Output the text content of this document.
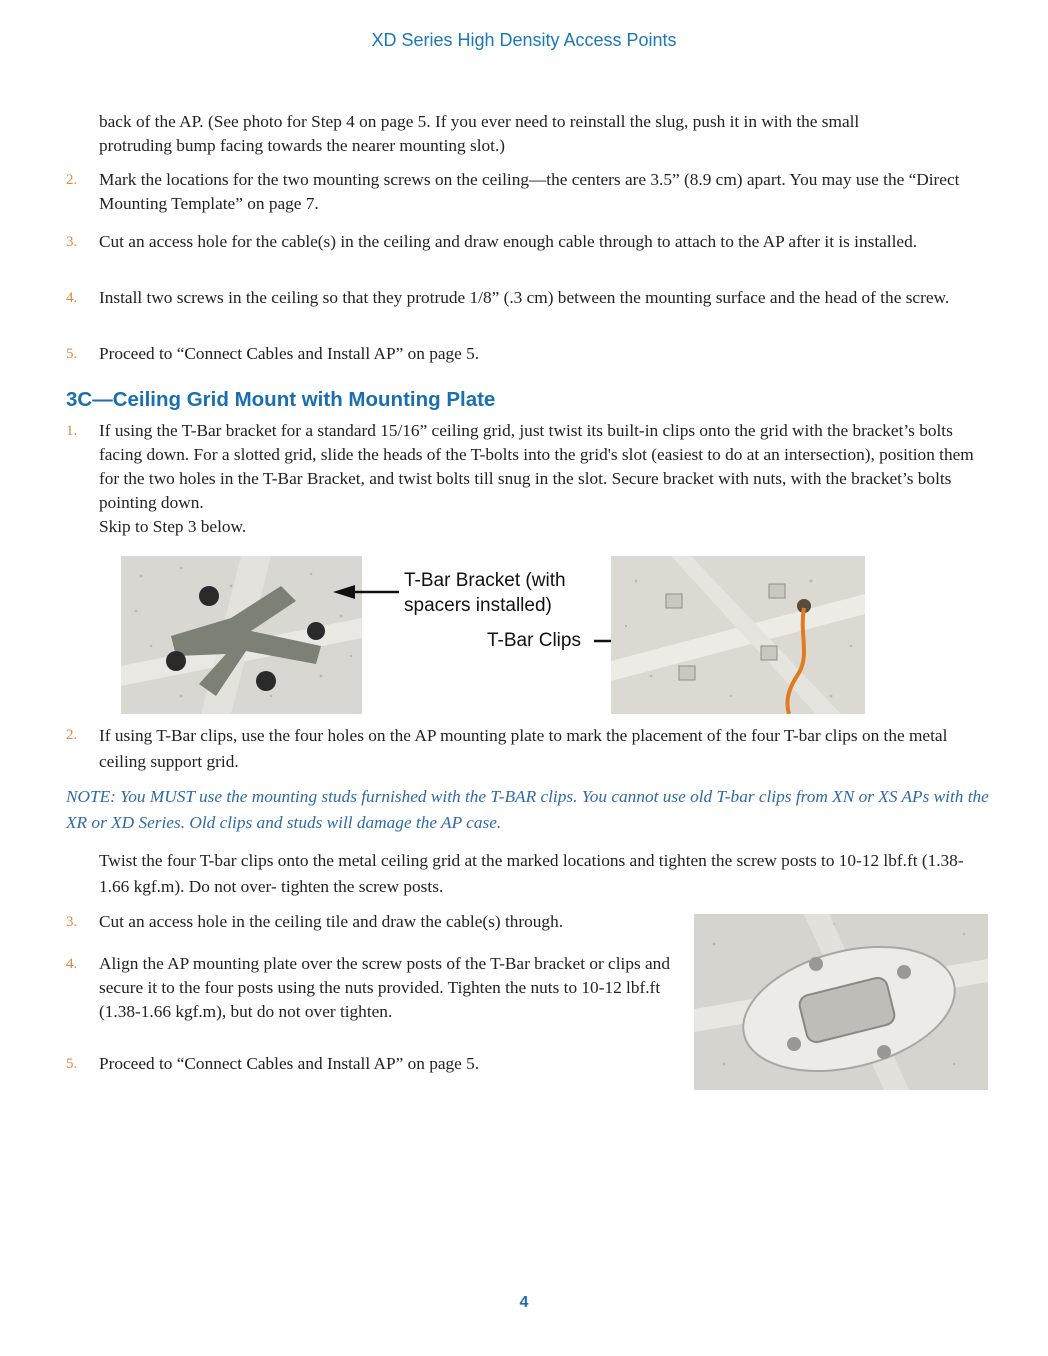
XD Series High Density Access Points
back of the AP. (See photo for Step 4 on page 5. If you ever need to reinstall the slug, push it in with the small
protruding bump facing towards the nearer mounting slot.)
2. Mark the locations for the two mounting screws on the ceiling—the centers are 3.5” (8.9 cm) apart. You may use the “Direct Mounting Template” on page 7.
3. Cut an access hole for the cable(s) in the ceiling and draw enough cable through to attach to the AP after it is installed.
4. Install two screws in the ceiling so that they protrude 1/8” (.3 cm) between the mounting surface and the head of the screw.
5. Proceed to “Connect Cables and Install AP” on page 5.
3C—Ceiling Grid Mount with Mounting Plate
1. If using the T-Bar bracket for a standard 15/16” ceiling grid, just twist its built-in clips onto the grid with the bracket’s bolts facing down. For a slotted grid, slide the heads of the T-bolts into the grid's slot (easiest to do at an intersection), position them for the two holes in the T-Bar Bracket, and twist bolts till snug in the slot. Secure bracket with nuts, with the bracket’s bolts pointing down.
Skip to Step 3 below.
T-Bar Bracket (with
spacers installed)
T-Bar Clips
2. If using T-Bar clips, use the four holes on the AP mounting plate to mark the placement of the four T-bar clips on the metal ceiling support grid.
NOTE: You MUST use the mounting studs furnished with the T-BAR clips. You cannot use old T-bar clips from XN or XS APs with the XR or XD Series. Old clips and studs will damage the AP case.
Twist the four T-bar clips onto the metal ceiling grid at the marked locations and tighten the screw posts to 10-12 lbf.ft (1.38-1.66 kgf.m). Do not over- tighten the screw posts.
3. Cut an access hole in the ceiling tile and draw the cable(s) through.
4. Align the AP mounting plate over the screw posts of the T-Bar bracket or clips and secure it to the four posts using the nuts provided. Tighten the nuts to 10-12 lbf.ft (1.38-1.66 kgf.m), but do not over tighten.
5. Proceed to “Connect Cables and Install AP” on page 5.
4
